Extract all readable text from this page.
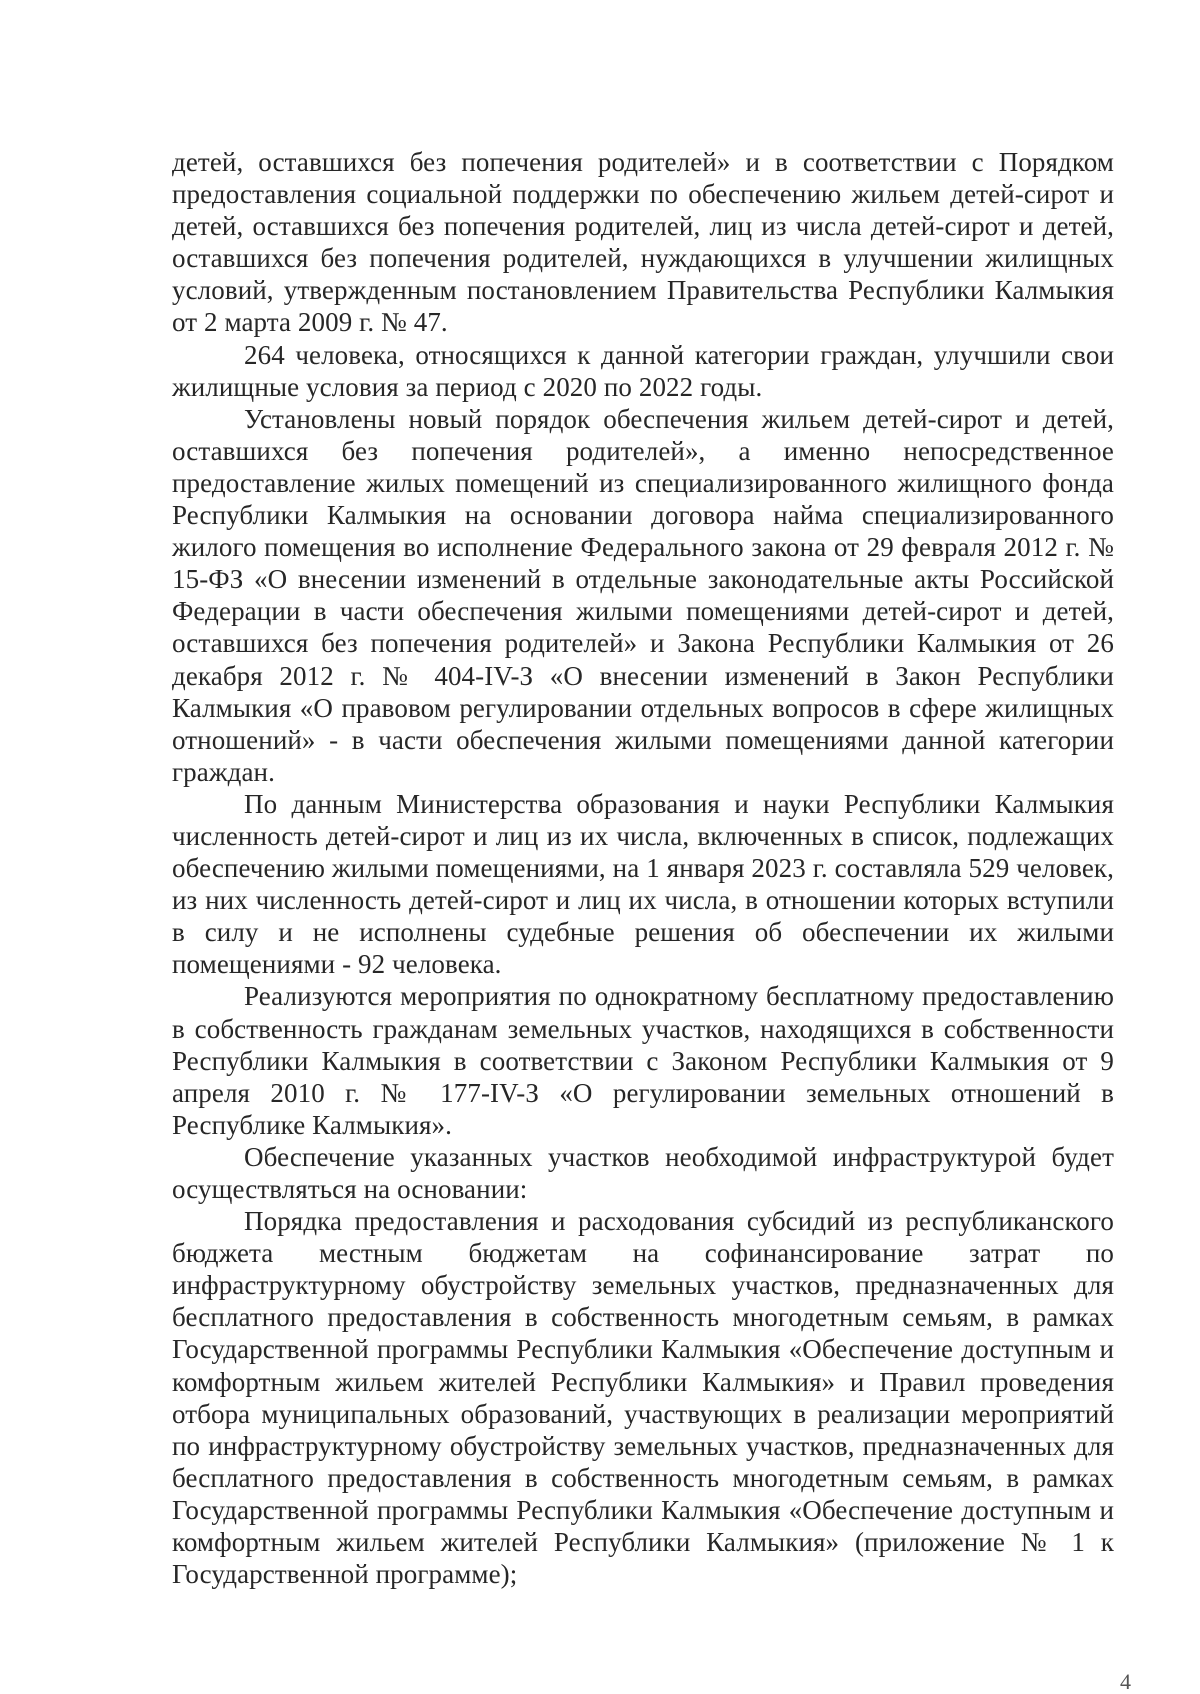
детей, оставшихся без попечения родителей» и в соответствии с Порядком предоставления социальной поддержки по обеспечению жильем детей-сирот и детей, оставшихся без попечения родителей, лиц из числа детей-сирот и детей, оставшихся без попечения родителей, нуждающихся в улучшении жилищных условий, утвержденным постановлением Правительства Республики Калмыкия от 2 марта 2009 г. № 47.

264 человека, относящихся к данной категории граждан, улучшили свои жилищные условия за период с 2020 по 2022 годы.

Установлены новый порядок обеспечения жильем детей-сирот и детей, оставшихся без попечения родителей», а именно непосредственное предоставление жилых помещений из специализированного жилищного фонда Республики Калмыкия на основании договора найма специализированного жилого помещения во исполнение Федерального закона от 29 февраля 2012 г. № 15-ФЗ «О внесении изменений в отдельные законодательные акты Российской Федерации в части обеспечения жилыми помещениями детей-сирот и детей, оставшихся без попечения родителей» и Закона Республики Калмыкия от 26 декабря 2012 г. № 404-IV-З «О внесении изменений в Закон Республики Калмыкия «О правовом регулировании отдельных вопросов в сфере жилищных отношений» - в части обеспечения жилыми помещениями данной категории граждан.

По данным Министерства образования и науки Республики Калмыкия численность детей-сирот и лиц из их числа, включенных в список, подлежащих обеспечению жилыми помещениями, на 1 января 2023 г. составляла 529 человек, из них численность детей-сирот и лиц их числа, в отношении которых вступили в силу и не исполнены судебные решения об обеспечении их жилыми помещениями - 92 человека.

Реализуются мероприятия по однократному бесплатному предоставлению в собственность гражданам земельных участков, находящихся в собственности Республики Калмыкия в соответствии с Законом Республики Калмыкия от 9 апреля 2010 г. № 177-IV-З «О регулировании земельных отношений в Республике Калмыкия».

Обеспечение указанных участков необходимой инфраструктурой будет осуществляться на основании:

Порядка предоставления и расходования субсидий из республиканского бюджета местным бюджетам на софинансирование затрат по инфраструктурному обустройству земельных участков, предназначенных для бесплатного предоставления в собственность многодетным семьям, в рамках Государственной программы Республики Калмыкия «Обеспечение доступным и комфортным жильем жителей Республики Калмыкия» и Правил проведения отбора муниципальных образований, участвующих в реализации мероприятий по инфраструктурному обустройству земельных участков, предназначенных для бесплатного предоставления в собственность многодетным семьям, в рамках Государственной программы Республики Калмыкия «Обеспечение доступным и комфортным жильем жителей Республики Калмыкия» (приложение № 1 к Государственной программе);

4
